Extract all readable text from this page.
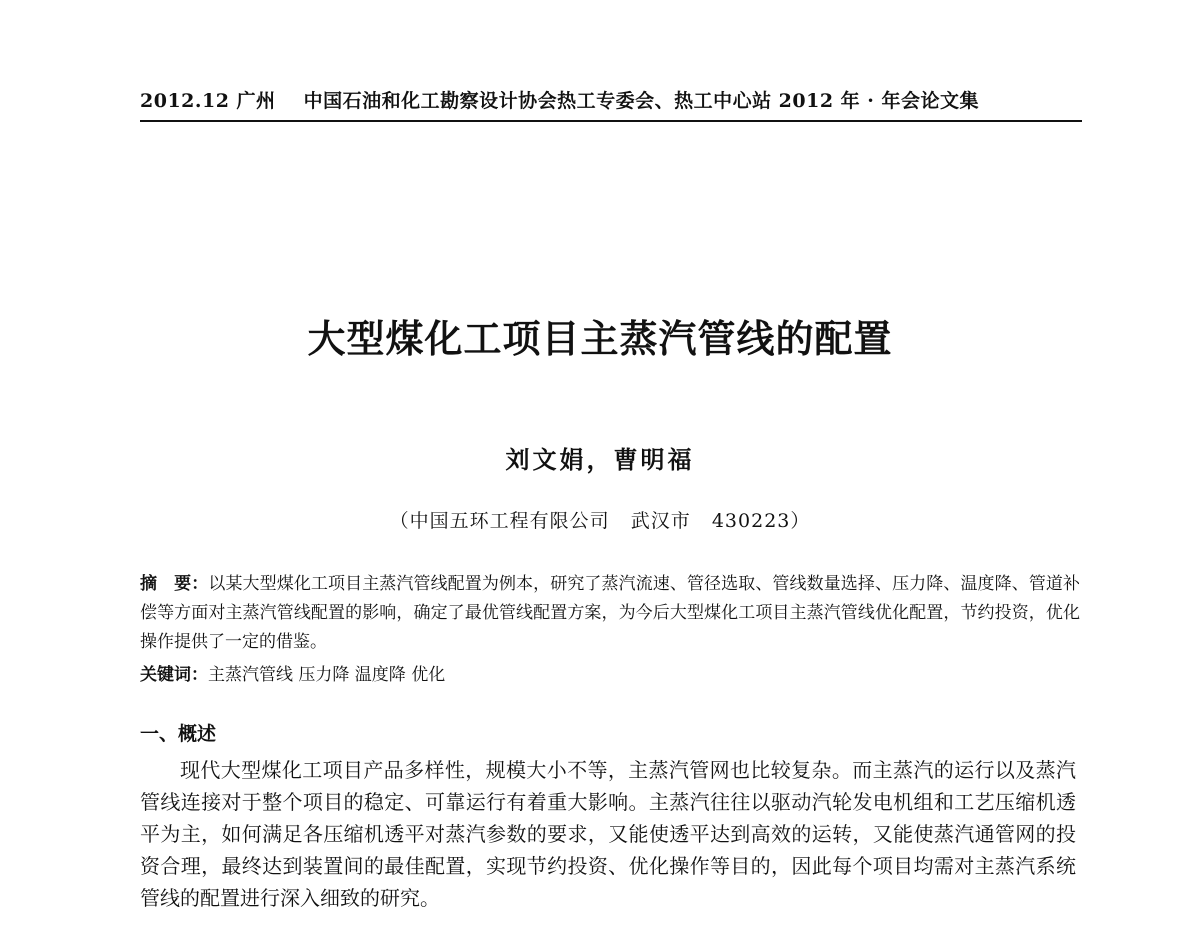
2012.12 广州 中国石油和化工勘察设计协会热工专委会、热工中心站 2012 年 · 年会论文集
大型煤化工项目主蒸汽管线的配置
刘文娟，曹明福
（中国五环工程有限公司   武汉市   430223）
摘　要：以某大型煤化工项目主蒸汽管线配置为例本，研究了蒸汽流速、管径选取、管线数量选择、压力降、温度降、管道补偿等方面对主蒸汽管线配置的影响，确定了最优管线配置方案，为今后大型煤化工项目主蒸汽管线优化配置，节约投资，优化操作提供了一定的借鉴。
关键词：主蒸汽管线 压力降 温度降 优化
一、概述
现代大型煤化工项目产品多样性，规模大小不等，主蒸汽管网也比较复杂。而主蒸汽的运行以及蒸汽管线连接对于整个项目的稳定、可靠运行有着重大影响。主蒸汽往往以驱动汽轮发电机组和工艺压缩机透平为主，如何满足各压缩机透平对蒸汽参数的要求，又能使透平达到高效的运转，又能使蒸汽通管网的投资合理，最终达到装置间的最佳配置，实现节约投资、优化操作等目的，因此每个项目均需对主蒸汽系统管线的配置进行深入细致的研究。
